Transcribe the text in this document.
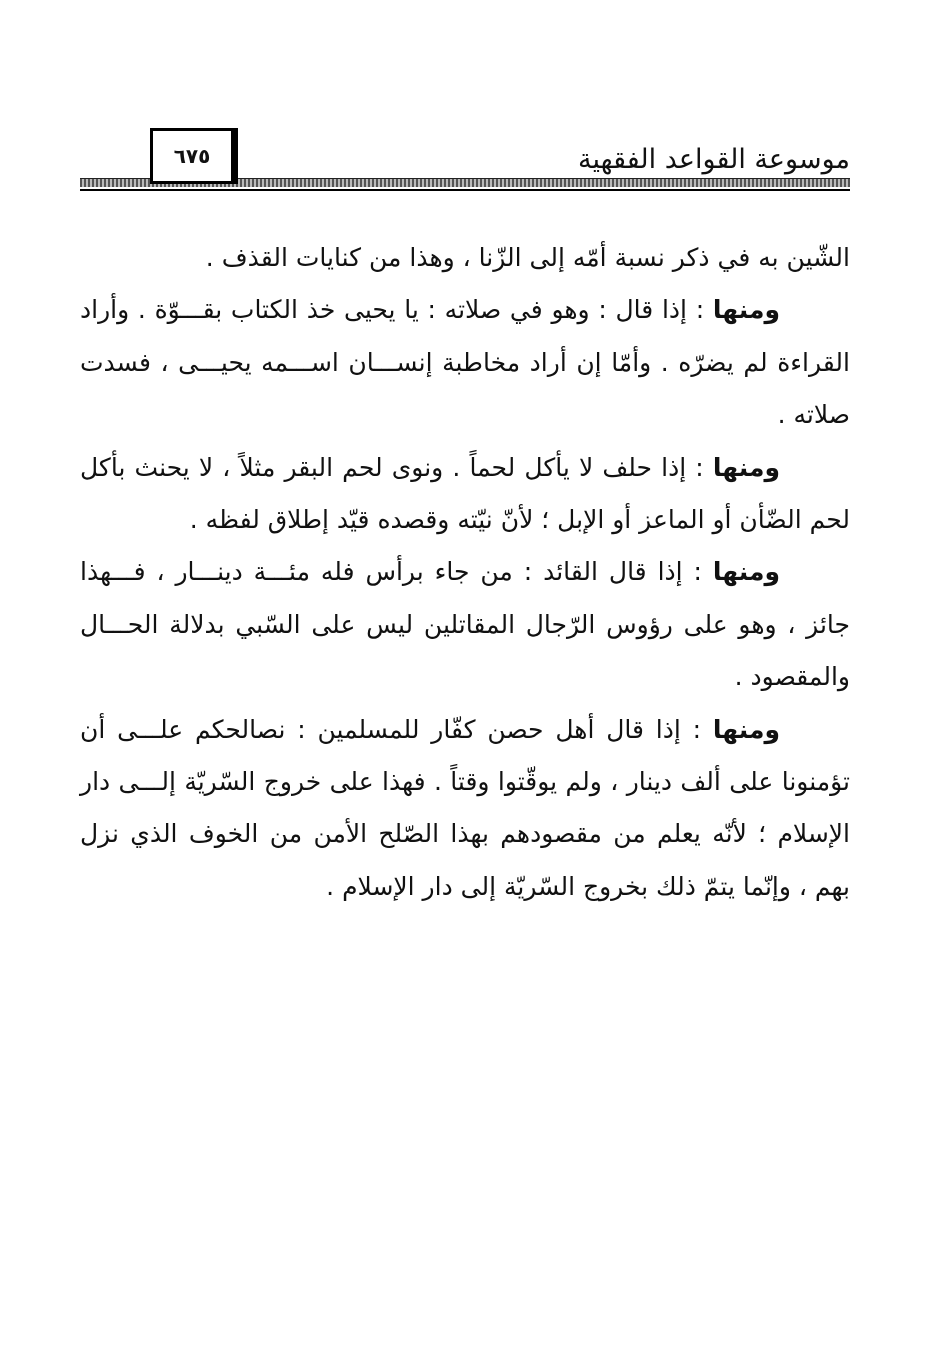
موسوعة القواعد الفقهية
٦٧٥

الشّين به في ذكر نسبة أمّه إلى الزّنا ، وهذا من كنايات القذف .

ومنها : إذا قال : وهو في صلاته : يا يحيى خذ الكتاب بقـــوّة . وأراد القراءة لم يضرّه . وأمّا إن أراد مخاطبة إنســـان اســـمه يحيـــى ، فسدت صلاته .

ومنها : إذا حلف لا يأكل لحماً . ونوى لحم البقر مثلاً ، لا يحنث بأكل لحم الضّأن أو الماعز أو الإبل ؛ لأنّ نيّته وقصده قيّد إطلاق لفظه .

ومنها : إذا قال القائد : من جاء برأس فله مئـــة دينـــار ، فـــهذا جائز ، وهو على رؤوس الرّجال المقاتلين ليس على السّبي بدلالة الحـــال والمقصود .

ومنها : إذا قال أهل حصن كفّار للمسلمين : نصالحكم علـــى أن تؤمنونا على ألف دينار ، ولم يوقّتوا وقتاً . فهذا على خروج السّريّة إلـــى دار الإسلام ؛ لأنّه يعلم من مقصودهم بهذا الصّلح الأمن من الخوف الذي نزل بهم ، وإنّما يتمّ ذلك بخروج السّريّة إلى دار الإسلام .
